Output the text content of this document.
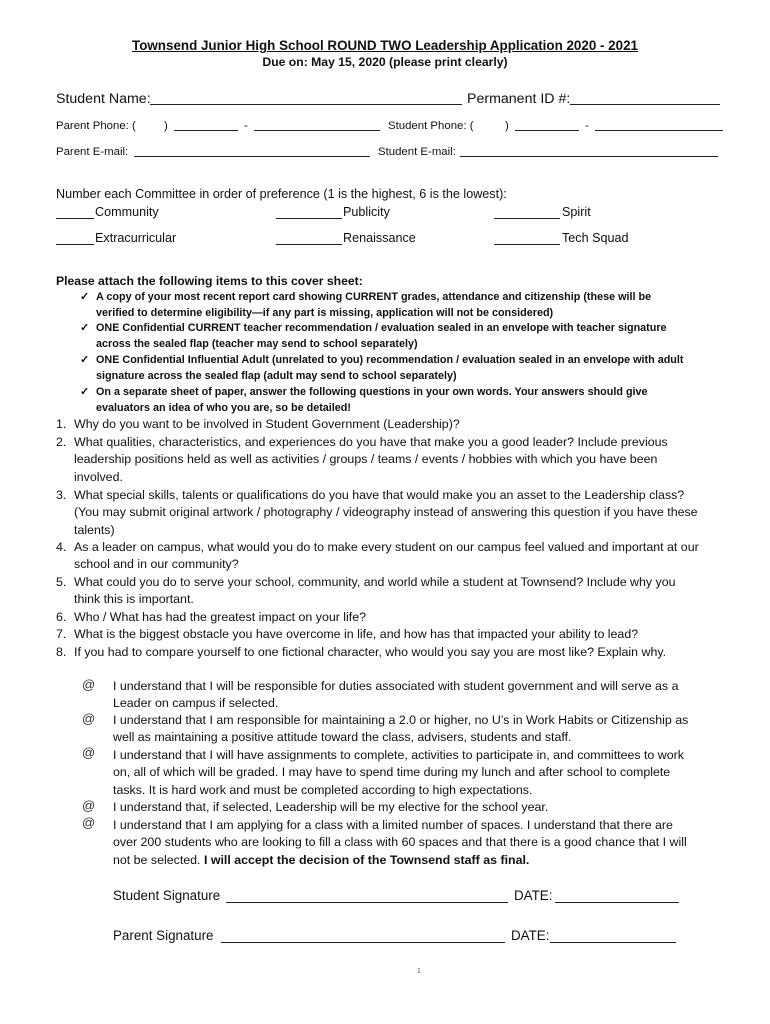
Townsend Junior High School ROUND TWO Leadership Application 2020 - 2021
Due on: May 15, 2020 (please print clearly)
Student Name:	Permanent ID #:
Parent Phone: ( )	-	Student Phone: (	)	-
Parent E-mail:	Student E-mail:
Number each Committee in order of preference (1 is the highest, 6 is the lowest):
Community	Publicity	Spirit
Extracurricular	Renaissance	Tech Squad
Please attach the following items to this cover sheet:
✓ A copy of your most recent report card showing CURRENT grades, attendance and citizenship (these will be verified to determine eligibility—if any part is missing, application will not be considered)
✓ ONE Confidential CURRENT teacher recommendation / evaluation sealed in an envelope with teacher signature across the sealed flap (teacher may send to school separately)
✓ ONE Confidential Influential Adult (unrelated to you) recommendation / evaluation sealed in an envelope with adult signature across the sealed flap (adult may send to school separately)
✓ On a separate sheet of paper, answer the following questions in your own words. Your answers should give evaluators an idea of who you are, so be detailed!
1. Why do you want to be involved in Student Government (Leadership)?
2. What qualities, characteristics, and experiences do you have that make you a good leader? Include previous leadership positions held as well as activities / groups / teams / events / hobbies with which you have been involved.
3. What special skills, talents or qualifications do you have that would make you an asset to the Leadership class? (You may submit original artwork / photography / videography instead of answering this question if you have these talents)
4. As a leader on campus, what would you do to make every student on our campus feel valued and important at our school and in our community?
5. What could you do to serve your school, community, and world while a student at Townsend? Include why you think this is important.
6. Who / What has had the greatest impact on your life?
7. What is the biggest obstacle you have overcome in life, and how has that impacted your ability to lead?
8. If you had to compare yourself to one fictional character, who would you say you are most like? Explain why.
@ I understand that I will be responsible for duties associated with student government and will serve as a Leader on campus if selected.
@ I understand that I am responsible for maintaining a 2.0 or higher, no U’s in Work Habits or Citizenship as well as maintaining a positive attitude toward the class, advisers, students and staff.
@ I understand that I will have assignments to complete, activities to participate in, and committees to work on, all of which will be graded. I may have to spend time during my lunch and after school to complete tasks. It is hard work and must be completed according to high expectations.
@ I understand that, if selected, Leadership will be my elective for the school year.
@ I understand that I am applying for a class with a limited number of spaces. I understand that there are over 200 students who are looking to fill a class with 60 spaces and that there is a good chance that I will not be selected. I will accept the decision of the Townsend staff as final.
Student Signature	DATE:
Parent Signature	DATE:
1
